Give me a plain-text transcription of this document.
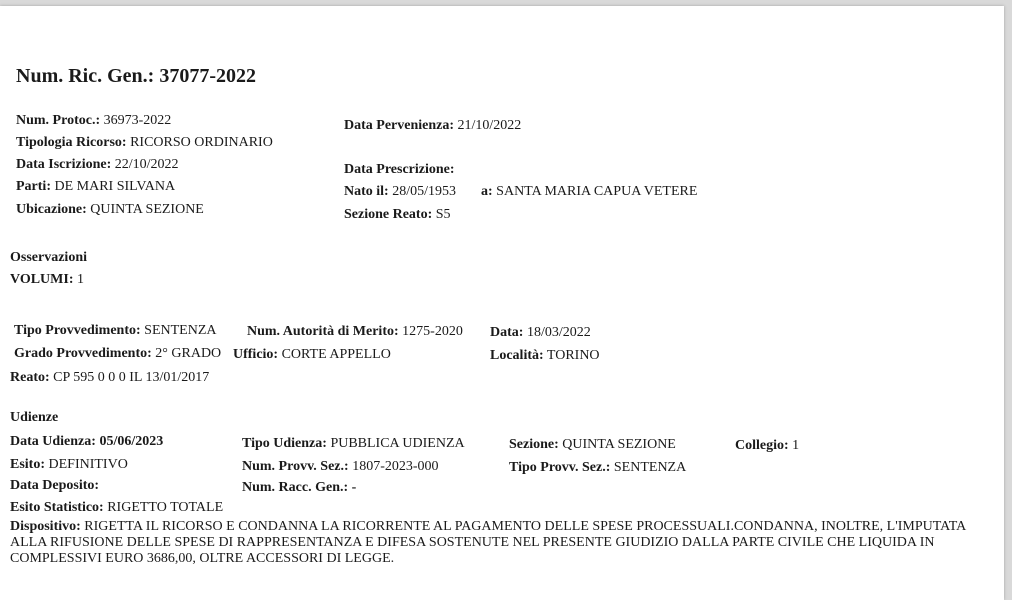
Num. Ric. Gen.: 37077-2022
Num. Protoc.: 36973-2022
Tipologia Ricorso: RICORSO ORDINARIO
Data Iscrizione: 22/10/2022
Parti: DE MARI SILVANA
Ubicazione: QUINTA SEZIONE
Data Pervenienza: 21/10/2022
Data Prescrizione:
Nato il: 28/05/1953 a: SANTA MARIA CAPUA VETERE
Sezione Reato: S5
Osservazioni
VOLUMI: 1
Tipo Provvedimento: SENTENZA Num. Autorità di Merito: 1275-2020 Data: 18/03/2022
Grado Provvedimento: 2° GRADO Ufficio: CORTE APPELLO	Località: TORINO
Reato: CP 595 0 0 0 IL 13/01/2017
Udienze
Data Udienza: 05/06/2023	Tipo Udienza: PUBBLICA UDIENZA	Sezione: QUINTA SEZIONE	Collegio: 1
Esito: DEFINITIVO	Num. Provv. Sez.: 1807-2023-000	Tipo Provv. Sez.: SENTENZA
Data Deposito:	Num. Racc. Gen.: -
Esito Statistico: RIGETTO TOTALE
Dispositivo: RIGETTA IL RICORSO E CONDANNA LA RICORRENTE AL PAGAMENTO DELLE SPESE PROCESSUALI.CONDANNA, INOLTRE, L'IMPUTATA ALLA RIFUSIONE DELLE SPESE DI RAPPRESENTANZA E DIFESA SOSTENUTE NEL PRESENTE GIUDIZIO DALLA PARTE CIVILE CHE LIQUIDA IN COMPLESSIVI EURO 3686,00, OLTRE ACCESSORI DI LEGGE.
